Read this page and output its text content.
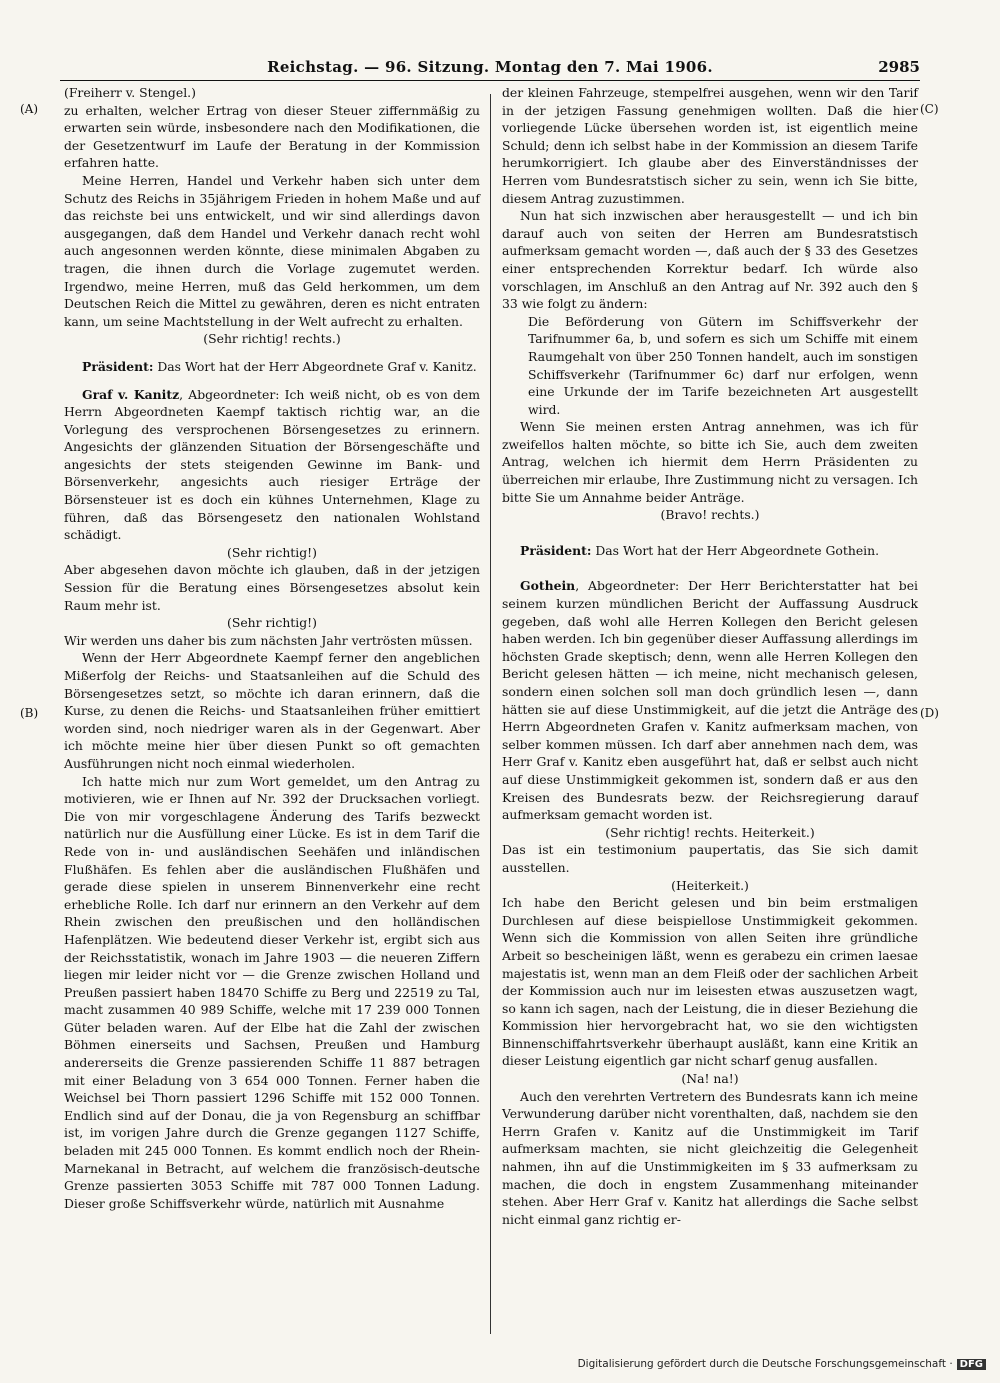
Reichstag. — 96. Sitzung. Montag den 7. Mai 1906.	2985
(A)
(B)
(C)
(D)

(Freiherr v. Stengel.)

zu erhalten, welcher Ertrag von dieser Steuer ziffernmäßig zu erwarten sein würde, insbesondere nach den Modifikationen, die der Gesetzentwurf im Laufe der Beratung in der Kommission erfahren hatte.

Meine Herren, Handel und Verkehr haben sich unter dem Schutz des Reichs in 35jährigem Frieden in hohem Maße und auf das reichste bei uns entwickelt, und wir sind allerdings davon ausgegangen, daß dem Handel und Verkehr danach recht wohl auch angesonnen werden könnte, diese minimalen Abgaben zu tragen, die ihnen durch die Vorlage zugemutet werden. Irgendwo, meine Herren, muß das Geld herkommen, um dem Deutschen Reich die Mittel zu gewähren, deren es nicht entraten kann, um seine Machtstellung in der Welt aufrecht zu erhalten.

(Sehr richtig! rechts.)

Präsident: Das Wort hat der Herr Abgeordnete Graf v. Kanitz.

Graf v. Kanitz, Abgeordneter: Ich weiß nicht, ob es von dem Herrn Abgeordneten Kaempf taktisch richtig war, an die Vorlegung des versprochenen Börsengesetzes zu erinnern. Angesichts der glänzenden Situation der Börsengeschäfte und angesichts der stets steigenden Gewinne im Bank- und Börsenverkehr, angesichts auch riesiger Erträge der Börsensteuer ist es doch ein kühnes Unternehmen, Klage zu führen, daß das Börsengesetz den nationalen Wohlstand schädigt.

(Sehr richtig!)

Aber abgesehen davon möchte ich glauben, daß in der jetzigen Session für die Beratung eines Börsengesetzes absolut kein Raum mehr ist.

(Sehr richtig!)

Wir werden uns daher bis zum nächsten Jahr vertrösten müssen.

Wenn der Herr Abgeordnete Kaempf ferner den angeblichen Mißerfolg der Reichs- und Staatsanleihen auf die Schuld des Börsengesetzes setzt, so möchte ich daran erinnern, daß die Kurse, zu denen die Reichs- und Staatsanleihen früher emittiert worden sind, noch niedriger waren als in der Gegenwart. Aber ich möchte meine hier über diesen Punkt so oft gemachten Ausführungen nicht noch einmal wiederholen.

Ich hatte mich nur zum Wort gemeldet, um den Antrag zu motivieren, wie er Ihnen auf Nr. 392 der Drucksachen vorliegt. Die von mir vorgeschlagene Änderung des Tarifs bezweckt natürlich nur die Ausfüllung einer Lücke. Es ist in dem Tarif die Rede von in- und ausländischen Seehäfen und inländischen Flußhäfen. Es fehlen aber die ausländischen Flußhäfen und gerade diese spielen in unserem Binnenverkehr eine recht erhebliche Rolle. Ich darf nur erinnern an den Verkehr auf dem Rhein zwischen den preußischen und den holländischen Hafenplätzen. Wie bedeutend dieser Verkehr ist, ergibt sich aus der Reichsstatistik, wonach im Jahre 1903 — die neueren Ziffern liegen mir leider nicht vor — die Grenze zwischen Holland und Preußen passiert haben 18470 Schiffe zu Berg und 22519 zu Tal, macht zusammen 40 989 Schiffe, welche mit 17 239 000 Tonnen Güter beladen waren. Auf der Elbe hat die Zahl der zwischen Böhmen einerseits und Sachsen, Preußen und Hamburg andererseits die Grenze passierenden Schiffe 11 887 betragen mit einer Beladung von 3 654 000 Tonnen. Ferner haben die Weichsel bei Thorn passiert 1296 Schiffe mit 152 000 Tonnen. Endlich sind auf der Donau, die ja von Regensburg an schiffbar ist, im vorigen Jahre durch die Grenze gegangen 1127 Schiffe, beladen mit 245 000 Tonnen. Es kommt endlich noch der Rhein-Marnekanal in Betracht, auf welchem die französisch-deutsche Grenze passierten 3053 Schiffe mit 787 000 Tonnen Ladung. Dieser große Schiffsverkehr würde, natürlich mit Ausnahme

der kleinen Fahrzeuge, stempelfrei ausgehen, wenn wir den Tarif in der jetzigen Fassung genehmigen wollten. Daß die hier vorliegende Lücke übersehen worden ist, ist eigentlich meine Schuld; denn ich selbst habe in der Kommission an diesem Tarife herumkorrigiert. Ich glaube aber des Einverständnisses der Herren vom Bundesratstisch sicher zu sein, wenn ich Sie bitte, diesem Antrag zuzustimmen.

Nun hat sich inzwischen aber herausgestellt — und ich bin darauf auch von seiten der Herren am Bundesratstisch aufmerksam gemacht worden —, daß auch der § 33 des Gesetzes einer entsprechenden Korrektur bedarf. Ich würde also vorschlagen, im Anschluß an den Antrag auf Nr. 392 auch den § 33 wie folgt zu ändern:

Die Beförderung von Gütern im Schiffsverkehr der Tarifnummer 6a, b, und sofern es sich um Schiffe mit einem Raumgehalt von über 250 Tonnen handelt, auch im sonstigen Schiffsverkehr (Tarifnummer 6c) darf nur erfolgen, wenn eine Urkunde der im Tarife bezeichneten Art ausgestellt wird.

Wenn Sie meinen ersten Antrag annehmen, was ich für zweifellos halten möchte, so bitte ich Sie, auch dem zweiten Antrag, welchen ich hiermit dem Herrn Präsidenten zu überreichen mir erlaube, Ihre Zustimmung nicht zu versagen. Ich bitte Sie um Annahme beider Anträge.

(Bravo! rechts.)

Präsident: Das Wort hat der Herr Abgeordnete Gothein.

Gothein, Abgeordneter: Der Herr Berichterstatter hat bei seinem kurzen mündlichen Bericht der Auffassung Ausdruck gegeben, daß wohl alle Herren Kollegen den Bericht gelesen haben werden. Ich bin gegenüber dieser Auffassung allerdings im höchsten Grade skeptisch; denn, wenn alle Herren Kollegen den Bericht gelesen hätten — ich meine, nicht mechanisch gelesen, sondern einen solchen soll man doch gründlich lesen —, dann hätten sie auf diese Unstimmigkeit, auf die jetzt die Anträge des Herrn Abgeordneten Grafen v. Kanitz aufmerksam machen, von selber kommen müssen. Ich darf aber annehmen nach dem, was Herr Graf v. Kanitz eben ausgeführt hat, daß er selbst auch nicht auf diese Unstimmigkeit gekommen ist, sondern daß er aus den Kreisen des Bundesrats bezw. der Reichsregierung darauf aufmerksam gemacht worden ist.

(Sehr richtig! rechts. Heiterkeit.)

Das ist ein testimonium paupertatis, das Sie sich damit ausstellen.

(Heiterkeit.)

Ich habe den Bericht gelesen und bin beim erstmaligen Durchlesen auf diese beispiellose Unstimmigkeit gekommen. Wenn sich die Kommission von allen Seiten ihre gründliche Arbeit so bescheinigen läßt, wenn es gerabezu ein crimen laesae majestatis ist, wenn man an dem Fleiß oder der sachlichen Arbeit der Kommission auch nur im leisesten etwas auszusetzen wagt, so kann ich sagen, nach der Leistung, die in dieser Beziehung die Kommission hier hervorgebracht hat, wo sie den wichtigsten Binnenschiffahrtsverkehr überhaupt ausläßt, kann eine Kritik an dieser Leistung eigentlich gar nicht scharf genug ausfallen.

(Na! na!)

Auch den verehrten Vertretern des Bundesrats kann ich meine Verwunderung darüber nicht vorenthalten, daß, nachdem sie den Herrn Grafen v. Kanitz auf die Unstimmigkeit im Tarif aufmerksam machten, sie nicht gleichzeitig die Gelegenheit nahmen, ihn auf die Unstimmigkeiten im § 33 aufmerksam zu machen, die doch in engstem Zusammenhang miteinander stehen. Aber Herr Graf v. Kanitz hat allerdings die Sache selbst nicht einmal ganz richtig er-

Digitalisierung gefördert durch die Deutsche Forschungsgemeinschaft · DFG
